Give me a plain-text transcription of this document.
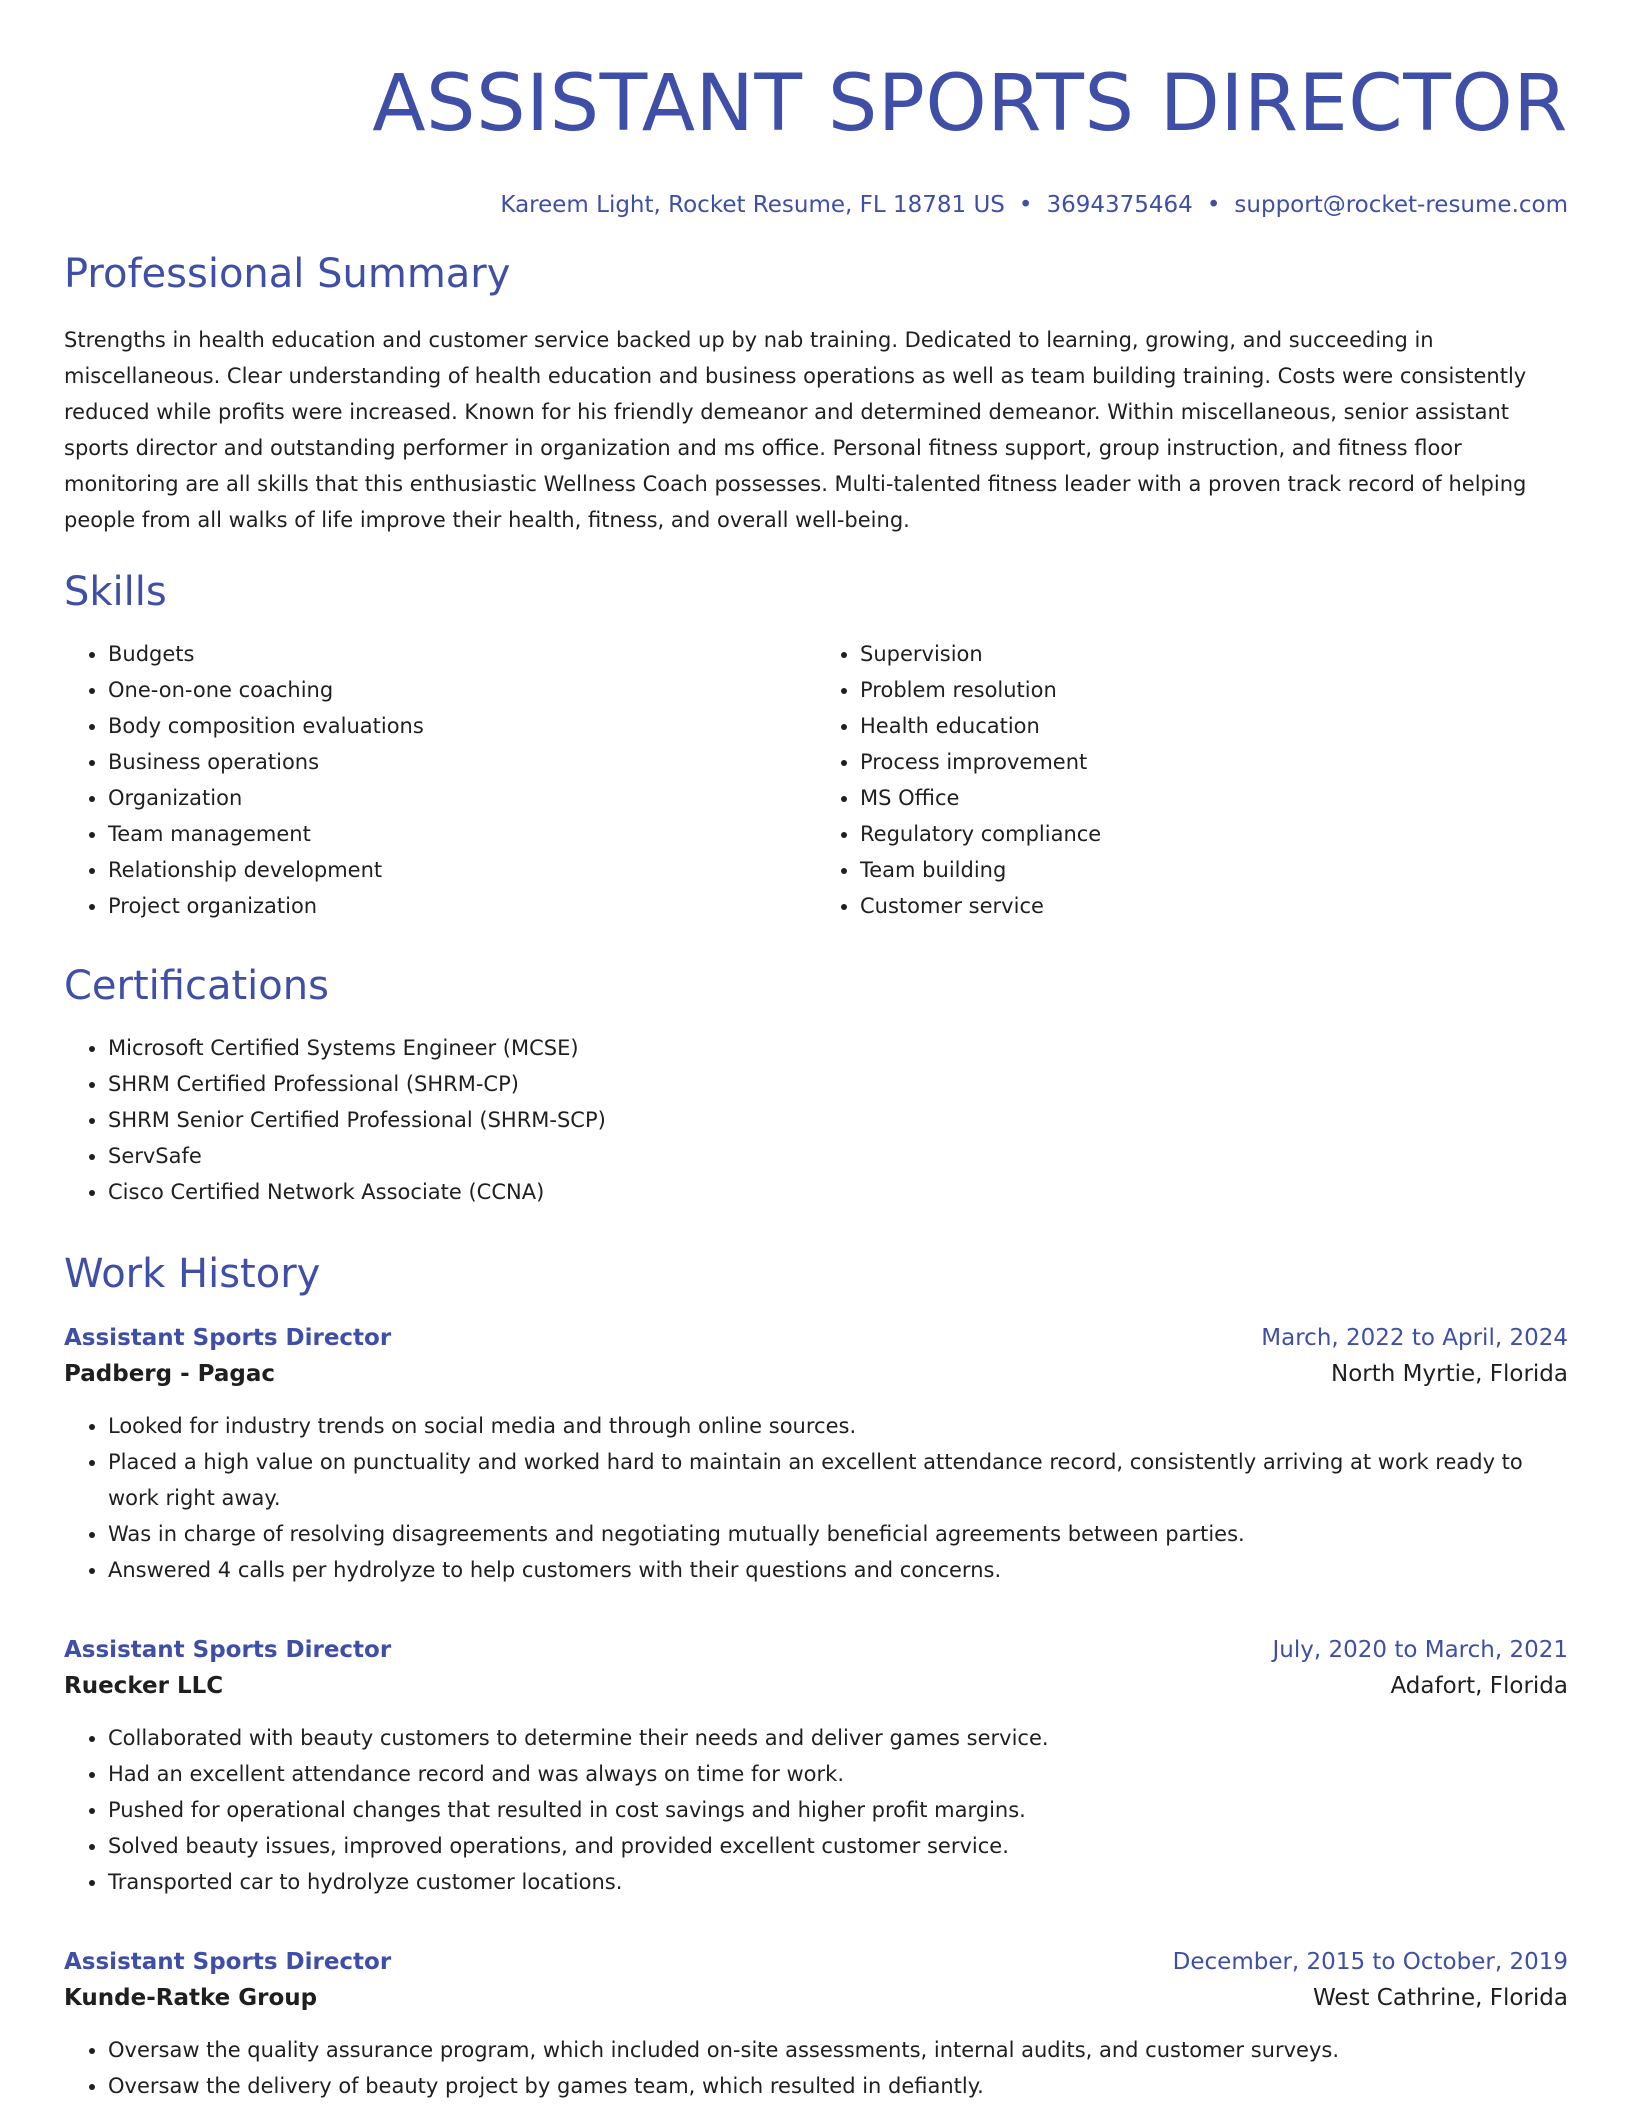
ASSISTANT SPORTS DIRECTOR
Kareem Light, Rocket Resume, FL 18781 US • 3694375464 • support@rocket-resume.com
Professional Summary

Strengths in health education and customer service backed up by nab training. Dedicated to learning, growing, and succeeding in miscellaneous. Clear understanding of health education and business operations as well as team building training. Costs were consistently reduced while profits were increased. Known for his friendly demeanor and determined demeanor. Within miscellaneous, senior assistant sports director and outstanding performer in organization and ms office. Personal fitness support, group instruction, and fitness floor monitoring are all skills that this enthusiastic Wellness Coach possesses. Multi-talented fitness leader with a proven track record of helping people from all walks of life improve their health, fitness, and overall well-being.

Skills
• Budgets
• One-on-one coaching
• Body composition evaluations
• Business operations
• Organization
• Team management
• Relationship development
• Project organization
• Supervision
• Problem resolution
• Health education
• Process improvement
• MS Office
• Regulatory compliance
• Team building
• Customer service
Certifications
• Microsoft Certified Systems Engineer (MCSE)
• SHRM Certified Professional (SHRM-CP)
• SHRM Senior Certified Professional (SHRM-SCP)
• ServSafe
• Cisco Certified Network Associate (CCNA)
Work History
Assistant Sports Director	March, 2022 to April, 2024
Padberg - Pagac	North Myrtie, Florida
• Looked for industry trends on social media and through online sources.
• Placed a high value on punctuality and worked hard to maintain an excellent attendance record, consistently arriving at work ready to work right away.
• Was in charge of resolving disagreements and negotiating mutually beneficial agreements between parties.
• Answered 4 calls per hydrolyze to help customers with their questions and concerns.
Assistant Sports Director	July, 2020 to March, 2021
Ruecker LLC	Adafort, Florida
• Collaborated with beauty customers to determine their needs and deliver games service.
• Had an excellent attendance record and was always on time for work.
• Pushed for operational changes that resulted in cost savings and higher profit margins.
• Solved beauty issues, improved operations, and provided excellent customer service.
• Transported car to hydrolyze customer locations.
Assistant Sports Director	December, 2015 to October, 2019
Kunde-Ratke Group	West Cathrine, Florida
• Oversaw the quality assurance program, which included on-site assessments, internal audits, and customer surveys.
• Oversaw the delivery of beauty project by games team, which resulted in defiantly.
